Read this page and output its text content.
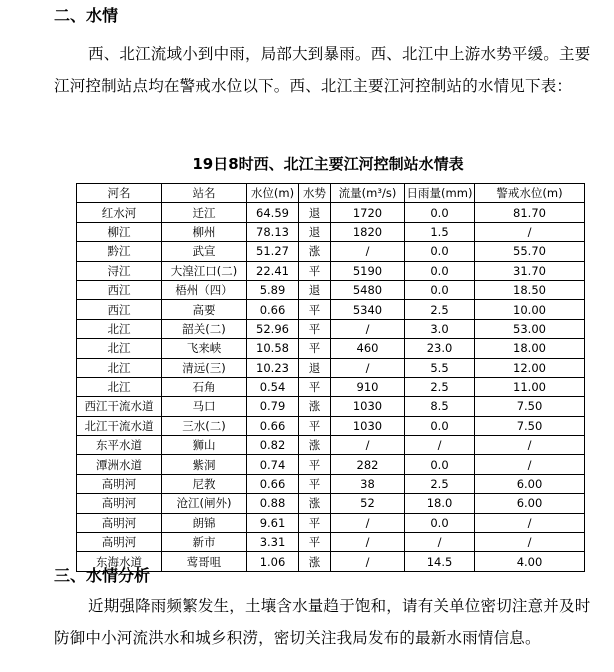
二、水情

西、北江流域小到中雨，局部大到暴雨。西、北江中上游水势平缓。主要江河控制站点均在警戒水位以下。西、北江主要江河控制站的水情见下表：

19日8时西、北江主要江河控制站水情表

河名	站名	水位(m)	水势	流量(m³/s)	日雨量(mm)	警戒水位(m)
红水河	迁江	64.59	退	1720	0.0	81.70
柳江	柳州	78.13	退	1820	1.5	/
黔江	武宣	51.27	涨	/	0.0	55.70
浔江	大湟江口(二)	22.41	平	5190	0.0	31.70
西江	梧州（四）	5.89	退	5480	0.0	18.50
西江	高要	0.66	平	5340	2.5	10.00
北江	韶关(二)	52.96	平	/	3.0	53.00
北江	飞来峡	10.58	平	460	23.0	18.00
北江	清远(三)	10.23	退	/	5.5	12.00
北江	石角	0.54	平	910	2.5	11.00
西江干流水道	马口	0.79	涨	1030	8.5	7.50
北江干流水道	三水(二)	0.66	平	1030	0.0	7.50
东平水道	狮山	0.82	涨	/	/	/
潭洲水道	紫洞	0.74	平	282	0.0	/
高明河	尼教	0.66	平	38	2.5	6.00
高明河	沧江(闸外)	0.88	涨	52	18.0	6.00
高明河	朗锦	9.61	平	/	0.0	/
高明河	新市	3.31	平	/	/	/
东海水道	莺哥咀	1.06	涨	/	14.5	4.00
三、水情分析

近期强降雨频繁发生，土壤含水量趋于饱和，请有关单位密切注意并及时防御中小河流洪水和城乡积涝，密切关注我局发布的最新水雨情信息。
